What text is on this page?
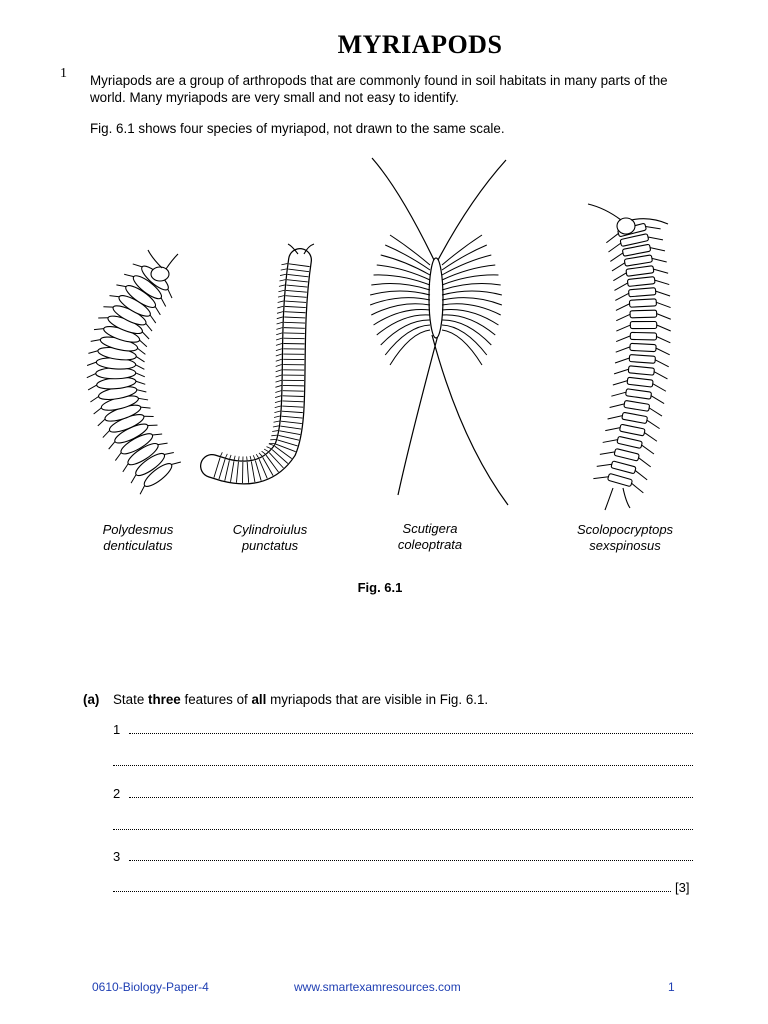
MYRIAPODS
1 Myriapods are a group of arthropods that are commonly found in soil habitats in many parts of the world. Many myriapods are very small and not easy to identify.
Fig. 6.1 shows four species of myriapod, not drawn to the same scale.
Polydesmus
denticulatus
Cylindroiulus
punctatus
Scutigera
coleoptrata
Scolopocryptops
sexspinosus
Fig. 6.1
(a) State three features of all myriapods that are visible in Fig. 6.1.
1
2
3
[3]
0610-Biology-Paper-4	www.smartexamresources.com	1
